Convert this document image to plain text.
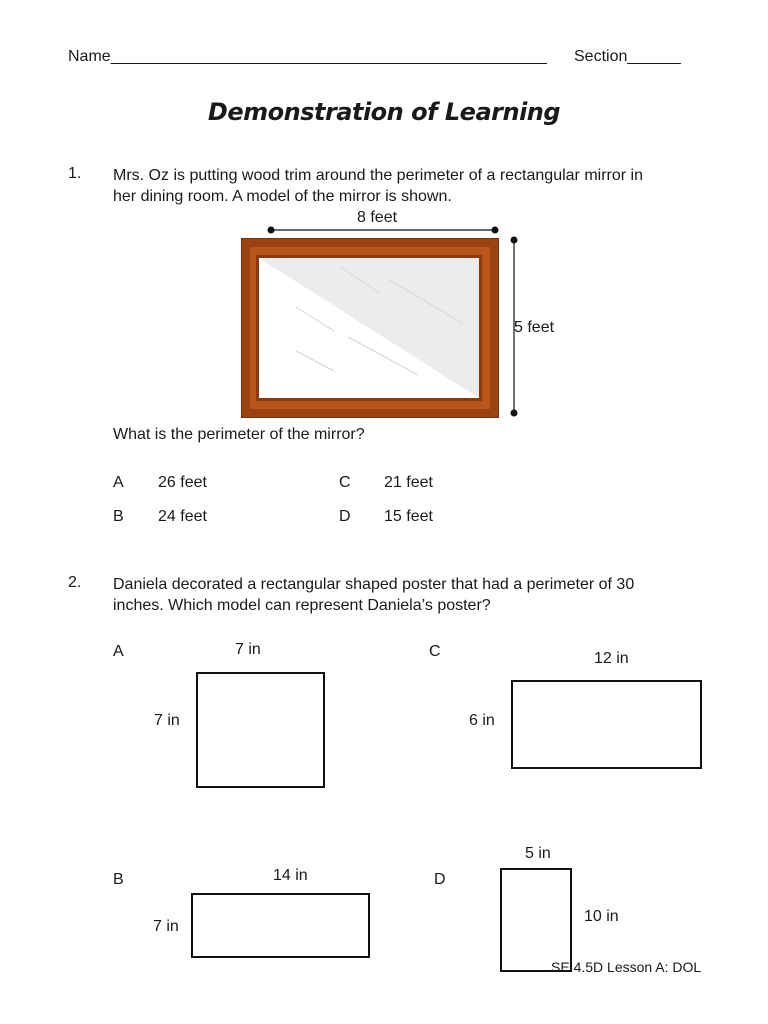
Name_________________________________________________ Section______
Demonstration of Learning
1. Mrs. Oz is putting wood trim around the perimeter of a rectangular mirror in
her dining room. A model of the mirror is shown.
8 feet
5 feet
What is the perimeter of the mirror?
A 26 feet
B 24 feet
C 21 feet
D 15 feet
2. Daniela decorated a rectangular shaped poster that had a perimeter of 30
inches. Which model can represent Daniela’s poster?
A	7 in
7 in
C	12 in
6 in
B	14 in
7 in
D
5 in
10 in
SE 4.5D Lesson A: DOL
